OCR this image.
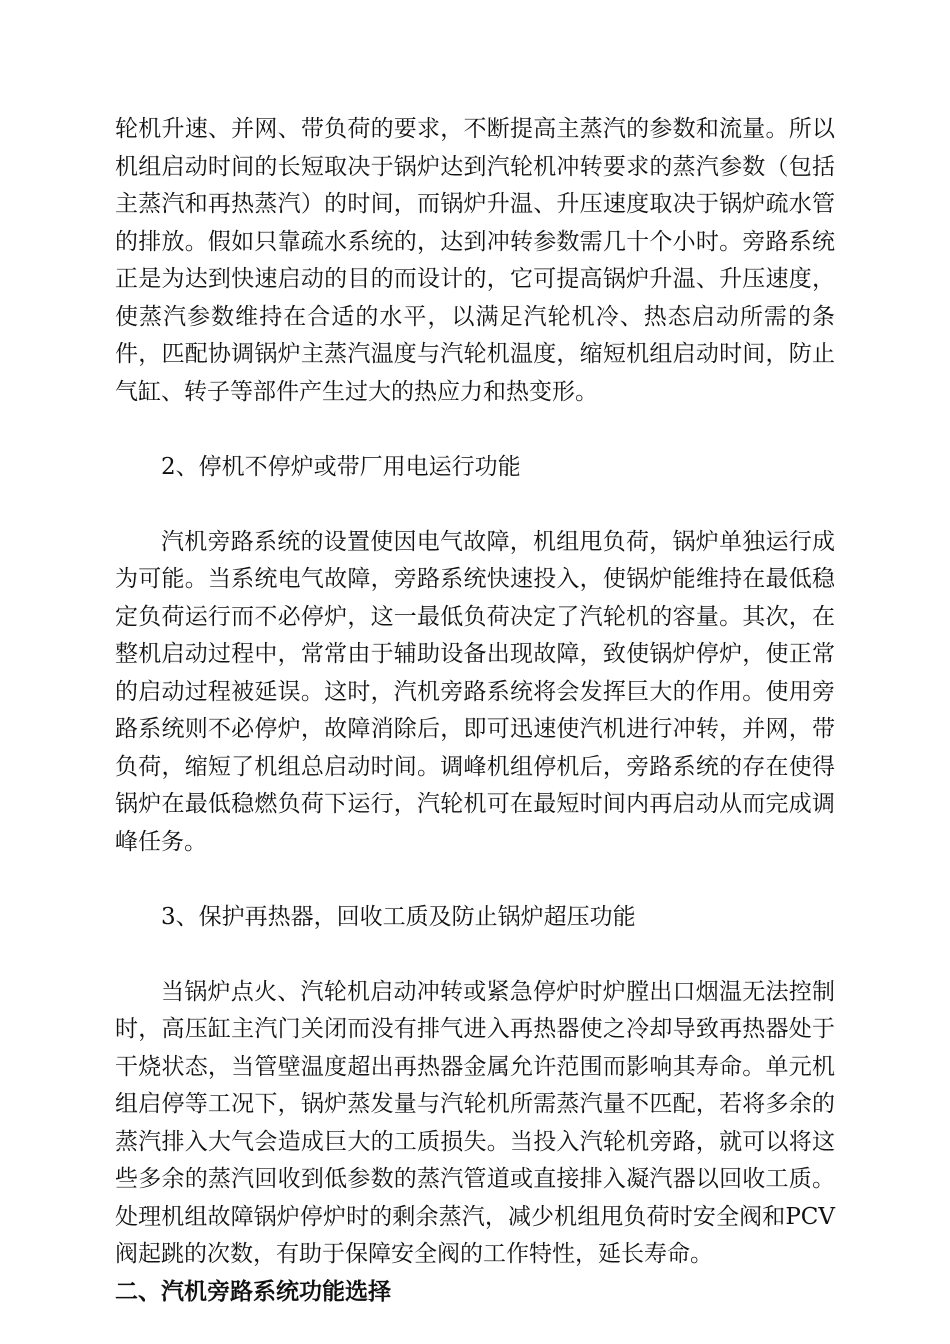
轮机升速、并网、带负荷的要求，不断提高主蒸汽的参数和流量。所以机组启动时间的长短取决于锅炉达到汽轮机冲转要求的蒸汽参数（包括主蒸汽和再热蒸汽）的时间，而锅炉升温、升压速度取决于锅炉疏水管的排放。假如只靠疏水系统的，达到冲转参数需几十个小时。旁路系统正是为达到快速启动的目的而设计的，它可提高锅炉升温、升压速度，使蒸汽参数维持在合适的水平，以满足汽轮机冷、热态启动所需的条件，匹配协调锅炉主蒸汽温度与汽轮机温度，缩短机组启动时间，防止气缸、转子等部件产生过大的热应力和热变形。

2、停机不停炉或带厂用电运行功能

汽机旁路系统的设置使因电气故障，机组甩负荷，锅炉单独运行成为可能。当系统电气故障，旁路系统快速投入，使锅炉能维持在最低稳定负荷运行而不必停炉，这一最低负荷决定了汽轮机的容量。其次，在整机启动过程中，常常由于辅助设备出现故障，致使锅炉停炉，使正常的启动过程被延误。这时，汽机旁路系统将会发挥巨大的作用。使用旁路系统则不必停炉，故障消除后，即可迅速使汽机进行冲转，并网，带负荷，缩短了机组总启动时间。调峰机组停机后，旁路系统的存在使得锅炉在最低稳燃负荷下运行，汽轮机可在最短时间内再启动从而完成调峰任务。

3、保护再热器，回收工质及防止锅炉超压功能

当锅炉点火、汽轮机启动冲转或紧急停炉时炉膛出口烟温无法控制时，高压缸主汽门关闭而没有排气进入再热器使之冷却导致再热器处于干烧状态，当管壁温度超出再热器金属允许范围而影响其寿命。单元机组启停等工况下，锅炉蒸发量与汽轮机所需蒸汽量不匹配，若将多余的蒸汽排入大气会造成巨大的工质损失。当投入汽轮机旁路，就可以将这些多余的蒸汽回收到低参数的蒸汽管道或直接排入凝汽器以回收工质。处理机组故障锅炉停炉时的剩余蒸汽，减少机组甩负荷时安全阀和PCV阀起跳的次数，有助于保障安全阀的工作特性，延长寿命。

二、汽机旁路系统功能选择
